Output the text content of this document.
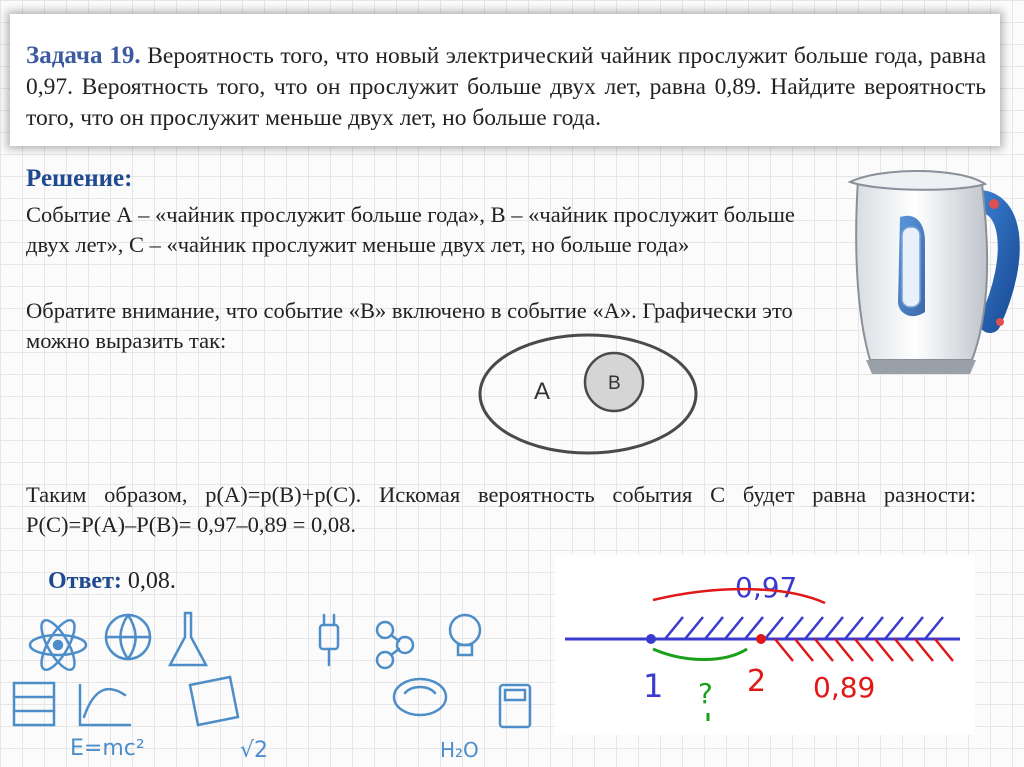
Задача 19. Вероятность того, что новый электрический чайник прослужит больше года, равна 0,97. Вероятность того, что он прослужит больше двух лет, равна 0,89. Найдите вероятность того, что он прослужит меньше двух лет, но больше года.
Решение:
Событие А – «чайник прослужит больше года», В – «чайник прослужит больше двух лет», С – «чайник прослужит меньше двух лет, но больше года»
Обратите внимание, что событие «В» включено в событие «А». Графически это можно выразить так:
A	B
Таким образом, р(А)=р(В)+р(С). Искомая вероятность события С будет равна разности: Р(С)=Р(А)–Р(В)= 0,97–0,89 = 0,08.
Ответ: 0,08.	0,97
1	2 0,89
?
E=mc²	√2	H₂O
